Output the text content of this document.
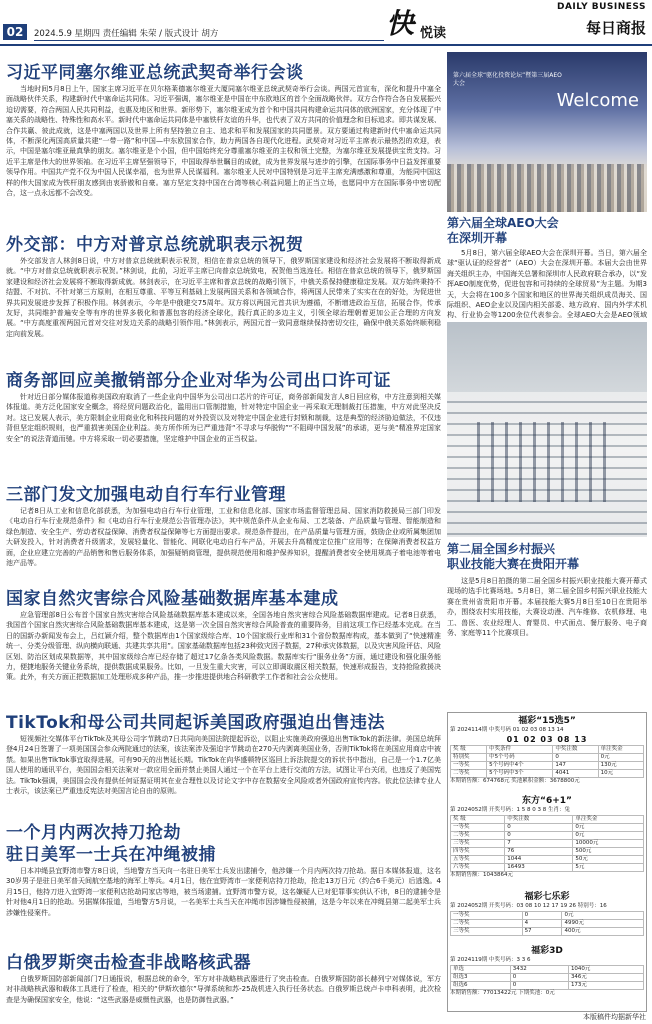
02	2024.5.9 星期四 责任编辑 朱荣 / 版式设计 胡方	快 悦读
DAILY BUSINESS
每日商报
习近平同塞尔维亚总统武契奇举行会谈

当地时间5月8日上午，国家主席习近平在贝尔格莱德塞尔维亚大厦同塞尔维亚总统武契奇举行会谈。两国元首宣布，深化和提升中塞全面战略伙伴关系，构建新时代中塞命运共同体。习近平强调，塞尔维亚是中国在中东欧地区的首个全面战略伙伴。双方合作符合各自发展振兴迫切需要，符合两国人民共同利益，也惠及地区和世界。新形势下，塞尔维亚成为首个和中国共同构建命运共同体的欧洲国家，充分体现了中塞关系的战略性、特殊性和高水平。新时代中塞命运共同体是中塞铁杆友谊的升华，也代表了双方共同的价值理念和目标追求。即共谋发展、合作共赢、彼此成就，这是中塞两国以及世界上所有坚持独立自主、追求和平和发展国家的共同愿景。双方要通过构建新时代中塞命运共同体，不断深化两国高质量共建“一带一路”和中国—中东欧国家合作，助力两国各自现代化进程。武契奇对习近平主席表示最热烈的欢迎，表示，中国是塞尔维亚最真挚的朋友。塞尔维亚是个小国，但中国始终充分尊重塞尔维亚的主权和领土完整，为塞尔维亚发展提供宝贵支持。习近平主席是伟大的世界领袖。在习近平主席坚强领导下，中国取得举世瞩目的成就，成为世界发展与进步的引擎，在国际事务中日益发挥重要领导作用。中国共产党不仅为中国人民谋幸福，也为世界人民谋福利。塞尔维亚人民对中国特别是习近平主席充满感激和尊重，为能同中国这样的伟大国家成为铁杆朋友感到由衷骄傲和自豪。塞方坚定支持中国在台湾等核心利益问题上的正当立场，也愿同中方在国际事务中密切配合，这一点永远都不会改变。

外交部：中方对普京总统就职表示祝贺

外交部发言人林剑8日说，中方对普京总统就职表示祝贺，相信在普京总统的领导下，俄罗斯国家建设和经济社会发展将不断取得新成就。“中方对普京总统就职表示祝贺。”林剑说，此前，习近平主席已向普京总统致电，祝贺他当选连任。相信在普京总统的领导下，俄罗斯国家建设和经济社会发展将不断取得新成就。林剑表示，在习近平主席和普京总统的战略引领下，中俄关系保持健康稳定发展。双方始终秉持不结盟、不对抗、不针对第三方原则，在相互尊重、平等互利基础上发展两国关系和各领域合作，将两国人民带来了实实在在的好处，为促进世界共同发展进步发挥了积极作用。林剑表示，今年是中俄建交75周年。双方将以两国元首共识为遵循，不断增进政治互信，拓展合作，传承友好，共同维护普遍安全等有序的世界多极化和普惠包容的经济全球化，践行真正的多边主义，引领全球治理朝着更加公正合理的方向发展。“中方高度重视两国元首对交往对发边关系的战略引领作用。”林剑表示，两国元首一致同意继续保持密切交往，确保中俄关系始终顺利稳定向前发展。

商务部回应美撤销部分企业对华为公司出口许可证

针对近日部分媒体报道称美国政府取消了一些企业向中国华为公司出口芯片的许可证，商务部新闻发言人8日回应称，中方注意到相关媒体报道。美方泛化国家安全概念，将经贸问题政治化，滥用出口管制措施，针对特定中国企业一再采取无理制裁打压措施，中方对此坚决反对。这已发展人表示，美方限制企业用商业化和科技问题的对外投资以及对特定中国企业进行封锁和制裁，这是典型的经济胁迫做法，不仅违背但坚定组织规则，也严重损害美国企业利益。美方所作所为已严重违背“不寻求与华脱钩”“不阻碍中国发展”的承诺，更与美“精准界定国家安全”的说法背道而驰。中方将采取一切必要措施，坚定维护中国企业的正当权益。

三部门发文加强电动自行车行业管理

记者8日从工业和信息化部获悉，为加强电动自行车行业管理，工业和信息化部、国家市场监督管理总局、国家消防救援局三部门印发《电动自行车行业规范条件》和《电动自行车行业规范公告管理办法》，其中规范条件从企业布局、工艺装备、产品质量与管理、智能制造和绿色制造、安全生产、劳动者权益保障、消费者权益保障等七方面提出要求。规范条件提出，在产品质量与管理方面，鼓励企业或所属集团加大研发投入，针对消费者升级需求，发展轻量化、智能化、网联化电动自行车产品，开展去升高精度定位推广应用等；在保障消费者权益方面，企业应建立完善的产品销售和售后服务体系，加强疑销商管理，提供规范使用和维护保养知识，提醒消费者安全使用规高子着电池等着电池产品等。

国家自然灾害综合风险基础数据库基本建成

应急管理部8日公布首个国家自然灾害综合风险基础数据库基本建成以来，全国各地自然灾害综合风险基础数据库建成。记者8日获悉，我国首个国家自然灾害综合风险基础数据库基本建成，这是第一次全国自然灾害综合风险普查的重要阵务，目前这项工作已经基本完成。在当日的国新办新闻发布会上，吕红颖介绍，整个数据库由1个国家级综合库、10个国家级行业库和31个省份数据库构成，基本做到了“快速精准统一、分类分级管理、纵向横向联通、共建共享共用”。国家基础数据库包括23种致灾因子数据，27种承灾体数据，以及灾害风险评估、风险区划、防治区划成果数据等，其中国家级综合库已经存储了超过17亿条各类风险数据。数据库实行“服务业务”方面，通过建设和强化服务能力，便捷地服务关键业务系统，提供数据成果服务。比如，一旦发生重大灾害，可以立即调取震区相关数据，快速形成报告，支持抢险救援决策。此外，有关方面正把数据加工处理形成多种产品，推一步推进提供地合科研教学工作者和社会公众使用。

TikTok和母公司共同起诉美国政府强迫出售违法

短视频社交媒体平台TikTok及其母公司字节跳动7日共同向美国法院提起诉讼，以阻止实施美政府强迫出售TikTok的新法律。美国总统拜登4月24日签署了一项美国国会参众两院通过的法案，该法案涉及强迫字节跳动在270天内剥离美国业务，否则TikTok将在美国应用商店中被禁。如果出售TikTok事宜取得进展，可有90天的出售延长期。TikTok在向华盛顿特区巡回上诉法院提交的诉状书中指出，自己是一个1.7亿美国人使用的通讯平台，美国国会相关法案对一款应用全面并禁止美国人通过一个在平台上进行交流的方法，试图让平台关闭，也违反了美国宪法。TikTok强调，美国国会没有提供任何证据证明其在业合理性以及讨论文字中存在数据安全风险或者外国政府宣传内容。依此位法律专业人士表示，该法案已严重违反宪法对美国言论自由的原则。

一个月内两次持刀抢劫
驻日美军一士兵在冲绳被捕

日本冲绳县宜野湾市警方8日说，当地警方当天向一名驻日美军士兵发出逮捕令，他涉嫌一个月内两次持刀抢劫。据日本媒体报道，这名30岁男子是驻日美军普天间航空基地的海军上等兵。4月1日，他在宜野湾市一家便利店持刀抢劫，抢走13万日元（约合6千美元）后逃逸。4月15日，他持刀进入宜野湾一家便利店抢劫同家店等地，被当场逮捕。宜野湾市警方说，这名嫌疑人已对犯罪事实供认不讳，8日的逮捕令是针对他4月1日的抢劫。另据媒体报道，当地警方5月说，一名美军士兵当天在冲绳市因涉嫌性侵被捕，这是今年以来在冲绳县第二起美军士兵涉嫌性侵案件。

白俄罗斯突击检查非战略核武器

白俄罗斯国防部新闻部门7日通报说，根据总统的命令，军方对非战略核武器进行了突击检查。白俄罗斯国防部长赫列宁对媒体说，军方对非战略核武器和载体工具进行了检查，相关的“伊斯坎德尔”导弹系统和苏-25战机进入执行任务状态。白俄罗斯总统卢卡申科表明，此次检查是为确保国家安全，他说：“这些武器是威慑性武器，也是防御性武器。”

第六届全球“驱化投资论坛”暨第三届AEO大会
Welcome
第六届全球AEO大会
在深圳开幕
5月8日，第六届全球AEO大会在深圳开幕。当日，第六届全球“驱认证的经营者”（AEO）大会在深圳开幕。本届大会由世界海关组织主办，中国海关总署和深圳市人民政府联合承办，以“发挥AEO制度优势，促进包容和可持续的全球贸易”为主题。为期3天，大会将在100多个国家和地区的世界海关组织成员海关、国际组织、AEO企业以及国内相关部委、地方政府、国内外学术机构、行业协会等1200余位代表参会。全球AEO大会是AEO领域
第二届全国乡村振兴
职业技能大赛在贵阳开幕
这是5月8日拍摄的第二届全国乡村振兴职业技能大赛开幕式现场的选手比赛场地。5月8日，第二届全国乡村振兴职业技能大赛在贵州省贵阳市开幕。本届技能大赛5月8日至10日在贵阳举办，围绕农村实用技能，大赛设动漫、汽车维修、农机修理、电工、兽医、农业经理人、育婴员、中式面点、餐厅服务、电子商务、家庭等11个比赛项目。
福彩“15选5”
第 2024114期 中奖号码 01 02 03 08 13 14
01 02 03 08 13
奖 级	中奖条件	中奖注数	单注奖金
特别奖	中5个号码	0	0元
一等奖	5个号码中4个	147	130元
二等奖	5个号码中3个	4041	10元
本期销售额：674768元 奖池累积金额：3678800元
东方“6+1”
第 2024052期 开奖号码：1 5 8 0 3 8 生肖：兔
奖 级	中奖注数	单注奖金
一等奖	0	0元
二等奖	0	0元
三等奖	7	10000元
四等奖	76	500元
五等奖	1044	50元
六等奖	16493	5元
本期销售额：1043864元
福彩七乐彩
第 2024052期 开奖号码：03 08 10 12 17 19 26 特别号：16
一等奖	0	0元
二等奖	4	4990元
三等奖	57	400元
福彩3D
第 2024119期 中奖号码：3 3 6
单选	3432	1040元
组选3	0	346元
组选6	0	173元
本期销售额：77013422元 下期奖池：0元
本版稿件均据新华社
